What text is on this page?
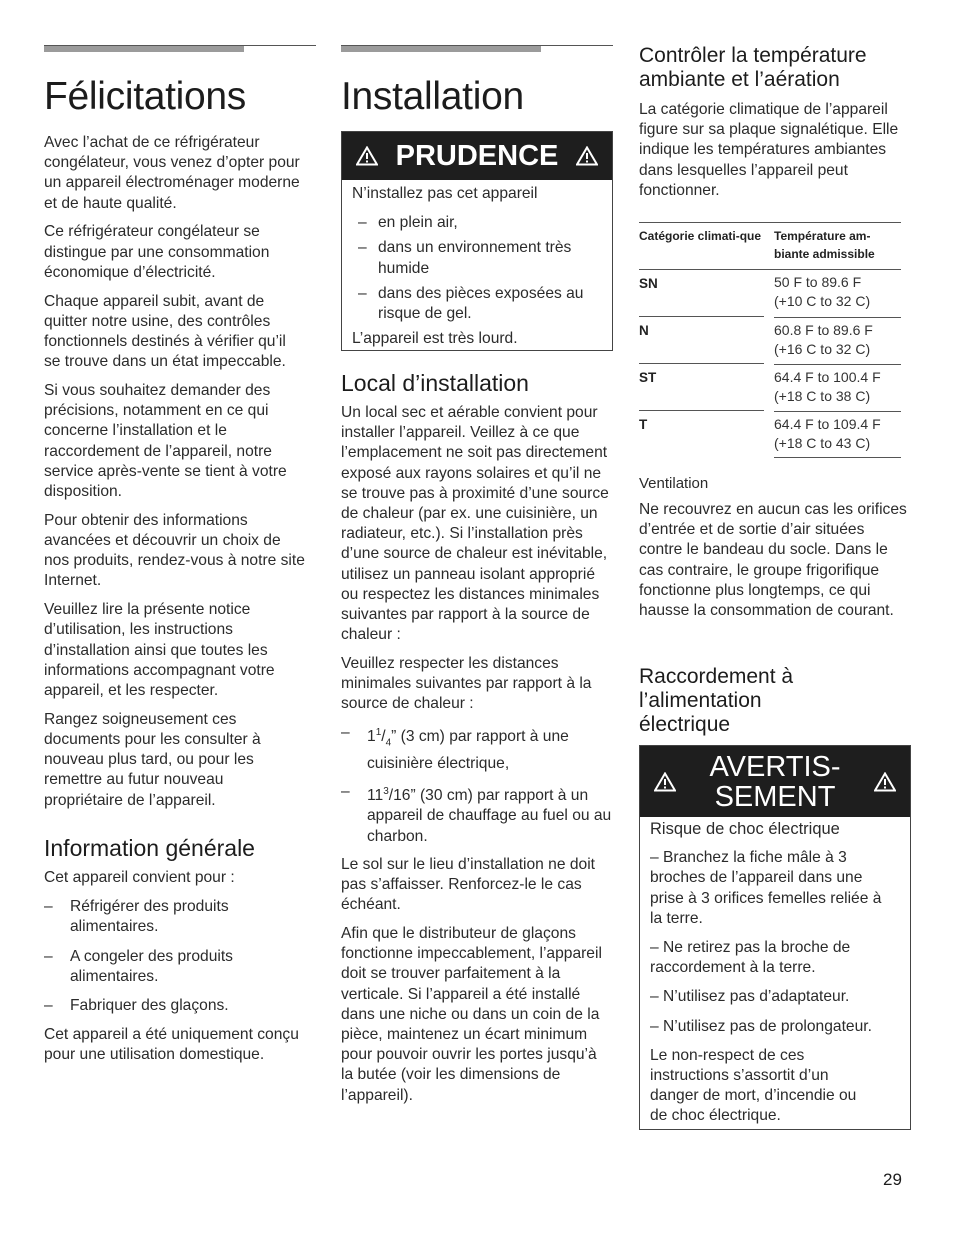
Félicitations

Avec l’achat de ce réfrigérateur congélateur, vous venez d’opter pour un appareil électroménager moderne et de haute qualité.

Ce réfrigérateur congélateur se distingue par une consommation économique d’électricité.

Chaque appareil subit, avant de quitter notre usine, des contrôles fonctionnels destinés à vérifier qu’il se trouve dans un état impeccable.

Si vous souhaitez demander des précisions, notamment en ce qui concerne l’installation et le raccordement de l’appareil, notre service après-vente se tient à votre disposition.

Pour obtenir des informations avancées et découvrir un choix de nos produits, rendez-vous à notre site Internet.

Veuillez lire la présente notice d’utilisation, les instructions d’installation ainsi que toutes les informations accompagnant votre appareil, et les respecter.

Rangez soigneusement ces documents pour les consulter à nouveau plus tard, ou pour les remettre au futur nouveau propriétaire de l’appareil.

Information générale

Cet appareil convient pour :

– Réfrigérer des produits alimentaires.
– A congeler des produits alimentaires.
– Fabriquer des glaçons.

Cet appareil a été uniquement conçu pour une utilisation domestique.

Installation
PRUDENCE

N’installez pas cet appareil

– en plein air,
– dans un environnement très humide
– dans des pièces exposées au risque de gel.

L’appareil est très lourd.

Local d’installation

Un local sec et aérable convient pour installer l’appareil. Veillez à ce que l’emplacement ne soit pas directement exposé aux rayons solaires et qu’il ne se trouve pas à proximité d’une source de chaleur (par ex. une cuisinière, un radiateur, etc.). Si l’installation près d’une source de chaleur est inévitable, utilisez un panneau isolant approprié ou respectez les distances minimales suivantes par rapport à la source de chaleur :

Veuillez respecter les distances minimales suivantes par rapport à la source de chaleur :

– $1^1/_4$” (3 cm) par rapport à une cuisinière électrique,
– $11^3/16$” (30 cm) par rapport à un appareil de chauffage au fuel ou au charbon.

Le sol sur le lieu d’installation ne doit pas s’affaisser. Renforcez-le le cas échéant.

Afin que le distributeur de glaçons fonctionne impeccablement, l’appareil doit se trouver parfaitement à la verticale. Si l’appareil a été installé dans une niche ou dans un coin de la pièce, maintenez un écart minimum pour pouvoir ouvrir les portes jusqu’à la butée (voir les dimensions de l’appareil).

Contrôler la température ambiante et l’aération

La catégorie climatique de l’appareil figure sur sa plaque signalétique. Elle indique les températures ambiantes dans lesquelles l’appareil peut fonctionner.

Catégorie climati-que	Température am-biante admissible

SN	50 F to 89.6 F
(+10 C to 32 C)

N	60.8 F to 89.6 F
(+16 C to 32 C)

ST	64.4 F to 100.4 F
(+18 C to 38 C)

T	64.4 F to 109.4 F
(+18 C to 43 C)

Ventilation

Ne recouvrez en aucun cas les orifices d’entrée et de sortie d’air situées contre le bandeau du socle. Dans le cas contraire, le groupe frigorifique fonctionne plus longtemps, ce qui hausse la consommation de courant.

Raccordement à l’alimentation électrique
AVERTIS-
SEMENT

Risque de choc électrique

– Branchez la fiche mâle à 3 broches de l’appareil dans une prise à 3 orifices femelles reliée à la terre.

– Ne retirez pas la broche de raccordement à la terre.

– N’utilisez pas d’adaptateur.

– N’utilisez pas de prolongateur.

Le non-respect de ces instructions s’assortit d’un danger de mort, d’incendie ou de choc électrique.

29
